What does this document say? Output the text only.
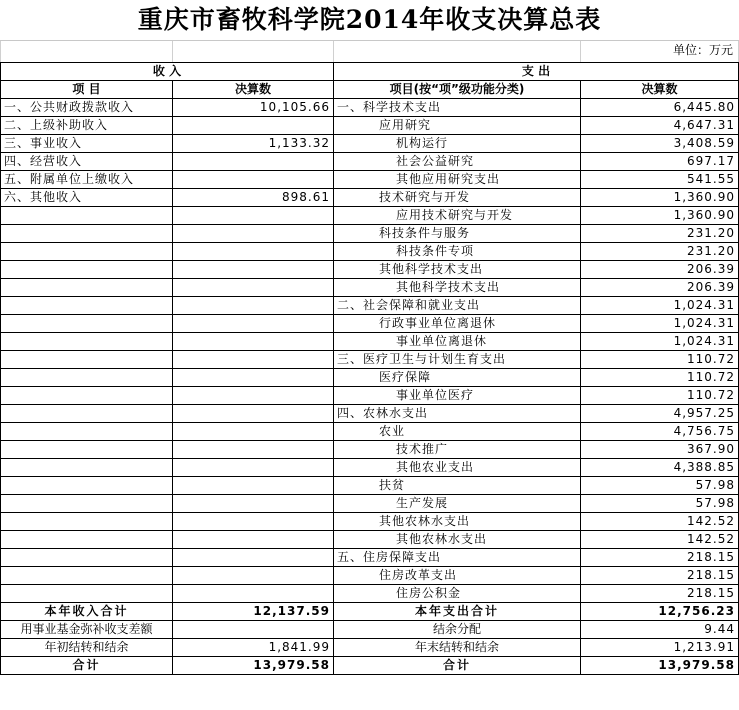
重庆市畜牧科学院2014年收支决算总表
单位：万元
收 入		支 出	
项 目	决算数	项目(按“项”级功能分类)	决算数
一、公共财政拨款收入	10,105.66	一、科学技术支出	6,445.80
二、上级补助收入		应用研究	4,647.31
三、事业收入	1,133.32	机构运行	3,408.59
四、经营收入		社会公益研究	697.17
五、附属单位上缴收入		其他应用研究支出	541.55
六、其他收入	898.61	技术研究与开发	1,360.90
		应用技术研究与开发	1,360.90
		科技条件与服务	231.20
		科技条件专项	231.20
		其他科学技术支出	206.39
		其他科学技术支出	206.39
		二、社会保障和就业支出	1,024.31
		行政事业单位离退休	1,024.31
		事业单位离退休	1,024.31
		三、医疗卫生与计划生育支出	110.72
		医疗保障	110.72
		事业单位医疗	110.72
		四、农林水支出	4,957.25
		农业	4,756.75
		技术推广	367.90
		其他农业支出	4,388.85
		扶贫	57.98
		生产发展	57.98
		其他农林水支出	142.52
		其他农林水支出	142.52
		五、住房保障支出	218.15
		住房改革支出	218.15
		住房公积金	218.15
本年收入合计	12,137.59	本年支出合计	12,756.23
用事业基金弥补收支差额		结余分配	9.44
年初结转和结余	1,841.99	年末结转和结余	1,213.91
合计	13,979.58	合计	13,979.58
